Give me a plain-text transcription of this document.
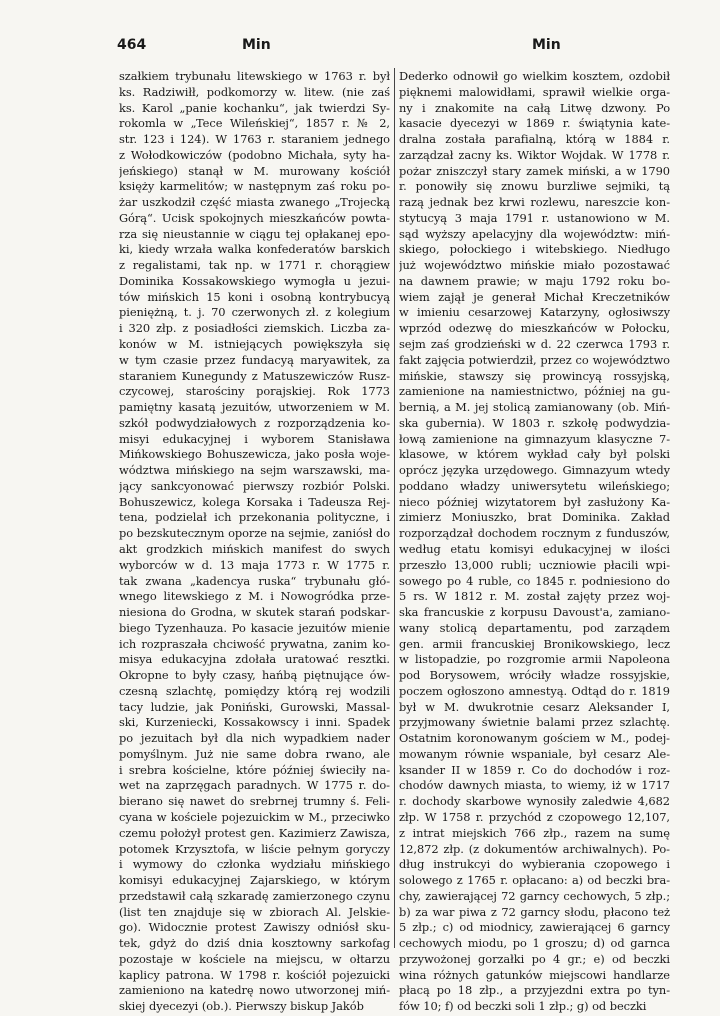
464	Min	Min
szałkiem trybunału litewskiego w 1763 r. był
ks. Radziwiłł, podkomorzy w. litew. (nie zaś
ks. Karol „panie kochanku“, jak twierdzi Sy-
rokomla w „Tece Wileńskiej“, 1857 r. № 2,
str. 123 i 124). W 1763 r. staraniem jednego
z Wołodkowiczów (podobno Michała, syty ha-
jeńskiego) stanął w M. murowany kościół
księży karmelitów; w następnym zaś roku po-
żar uszkodził część miasta zwanego „Trojecką
Górą“. Ucisk spokojnych mieszkańców powta-
rza się nieustannie w ciągu tej opłakanej epo-
ki, kiedy wrzała walka konfederatów barskich
z regalistami, tak np. w 1771 r. chorągiew
Dominika Kossakowskiego wymogła u jezui-
tów mińskich 15 koni i osobną kontrybucyą
pieniężną, t. j. 70 czerwonych zł. z kolegium
i 320 złp. z posiadłości ziemskich. Liczba za-
konów w M. istniejących powiększyła się
w tym czasie przez fundacyą maryawitek, za
staraniem Kunegundy z Matuszewiczów Rusz-
czycowej, starościny porajskiej. Rok 1773
pamiętny kasatą jezuitów, utworzeniem w M.
szkół podwydziałowych z rozporządzenia ko-
misyi edukacyjnej i wyborem Stanisława
Mińkowskiego Bohuszewicza, jako posła woje-
wództwa mińskiego na sejm warszawski, ma-
jący sankcyonować pierwszy rozbiór Polski.
Bohuszewicz, kolega Korsaka i Tadeusza Rej-
tena, podzielał ich przekonania polityczne, i
po bezskutecznym oporze na sejmie, zaniósł do
akt grodzkich mińskich manifest do swych
wyborców w d. 13 maja 1773 r. W 1775 r.
tak zwana „kadencya ruska“ trybunału głó-
wnego litewskiego z M. i Nowogródka prze-
niesiona do Grodna, w skutek starań podskar-
biego Tyzenhauza. Po kasacie jezuitów mienie
ich rozpraszała chciwość prywatna, zanim ko-
misya edukacyjna zdołała uratować resztki.
Okropne to były czasy, hańbą piętnujące ów-
czesną szlachtę, pomiędzy którą rej wodzili
tacy ludzie, jak Poniński, Gurowski, Massal-
ski, Kurzeniecki, Kossakowscy i inni. Spadek
po jezuitach był dla nich wypadkiem nader
pomyślnym. Już nie same dobra rwano, ale
i srebra kościelne, które później świeciły na-
wet na zaprzęgach paradnych. W 1775 r. do-
bierano się nawet do srebrnej trumny ś. Feli-
cyana w kościele pojezuickim w M., przeciwko
czemu położył protest gen. Kazimierz Zawisza,
potomek Krzysztofa, w liście pełnym goryczy
i wymowy do członka wydziału mińskiego
komisyi edukacyjnej Zajarskiego, w którym
przedstawił całą szkaradę zamierzonego czynu
(list ten znajduje się w zbiorach Al. Jelskie-
go). Widocznie protest Zawiszy odniósł sku-
tek, gdyż do dziś dnia kosztowny sarkofag
pozostaje w kościele na miejscu, w ołtarzu
kaplicy patrona. W 1798 r. kościół pojezuicki
zamieniono na katedrę nowo utworzonej miń-
skiej dyecezyi (ob.). Pierwszy biskup Jakób
Dederko odnowił go wielkim kosztem, ozdobił
pięknemi malowidłami, sprawił wielkie orga-
ny i znakomite na całą Litwę dzwony. Po
kasacie dyecezyi w 1869 r. świątynia kate-
dralna została parafialną, którą w 1884 r.
zarządzał zacny ks. Wiktor Wojdak. W 1778 r.
pożar zniszczył stary zamek miński, a w 1790
r. ponowiły się znowu burzliwe sejmiki, tą
razą jednak bez krwi rozlewu, nareszcie kon-
stytucyą 3 maja 1791 r. ustanowiono w M.
sąd wyższy apelacyjny dla województw: miń-
skiego, połockiego i witebskiego. Niedługo
już województwo mińskie miało pozostawać
na dawnem prawie; w maju 1792 roku bo-
wiem zajął je generał Michał Kreczetników
w imieniu cesarzowej Katarzyny, ogłosiwszy
wprzód odezwę do mieszkańców w Połocku,
sejm zaś grodzieński w d. 22 czerwca 1793 r.
fakt zajęcia potwierdził, przez co województwo
mińskie, stawszy się prowincyą rossyjską,
zamienione na namiestnictwo, później na gu-
bernią, a M. jej stolicą zamianowany (ob. Miń-
ska gubernia). W 1803 r. szkołę podwydzia-
łową zamienione na gimnazyum klasyczne 7-
klasowe, w którem wykład cały był polski
oprócz języka urzędowego. Gimnazyum wtedy
poddano władzy uniwersytetu wileńskiego;
nieco później wizytatorem był zasłużony Ka-
zimierz Moniuszko, brat Dominika. Zakład
rozporządzał dochodem rocznym z funduszów,
według etatu komisyi edukacyjnej w ilości
przeszło 13,000 rubli; uczniowie płacili wpi-
sowego po 4 ruble, co 1845 r. podniesiono do
5 rs. W 1812 r. M. został zajęty przez woj-
ska francuskie z korpusu Davoust'a, zamiano-
wany stolicą departamentu, pod zarządem
gen. armii francuskiej Bronikowskiego, lecz
w listopadzie, po rozgromie armii Napoleona
pod Borysowem, wróciły władze rossyjskie,
poczem ogłoszono amnestyą. Odtąd do r. 1819
był w M. dwukrotnie cesarz Aleksander I,
przyjmowany świetnie balami przez szlachtę.
Ostatnim koronowanym gościem w M., podej-
mowanym równie wspaniale, był cesarz Ale-
ksander II w 1859 r. Co do dochodów i roz-
chodów dawnych miasta, to wiemy, iż w 1717
r. dochody skarbowe wynosiły zaledwie 4,682
złp. W 1758 r. przychód z czopowego 12,107,
z intrat miejskich 766 złp., razem na sumę
12,872 złp. (z dokumentów archiwalnych). Po-
dług instrukcyi do wybierania czopowego i
solowego z 1765 r. opłacano: a) od beczki bra-
chy, zawierającej 72 garncy cechowych, 5 złp.;
b) za war piwa z 72 garncy słodu, płacono też
5 złp.; c) od miodnicy, zawierającej 6 garncy
cechowych miodu, po 1 groszu; d) od garnca
przywożonej gorzałki po 4 gr.; e) od beczki
wina różnych gatunków miejscowi handlarze
płacą po 18 złp., a przyjezdni extra po tyn-
fów 10; f) od beczki soli 1 złp.; g) od beczki
